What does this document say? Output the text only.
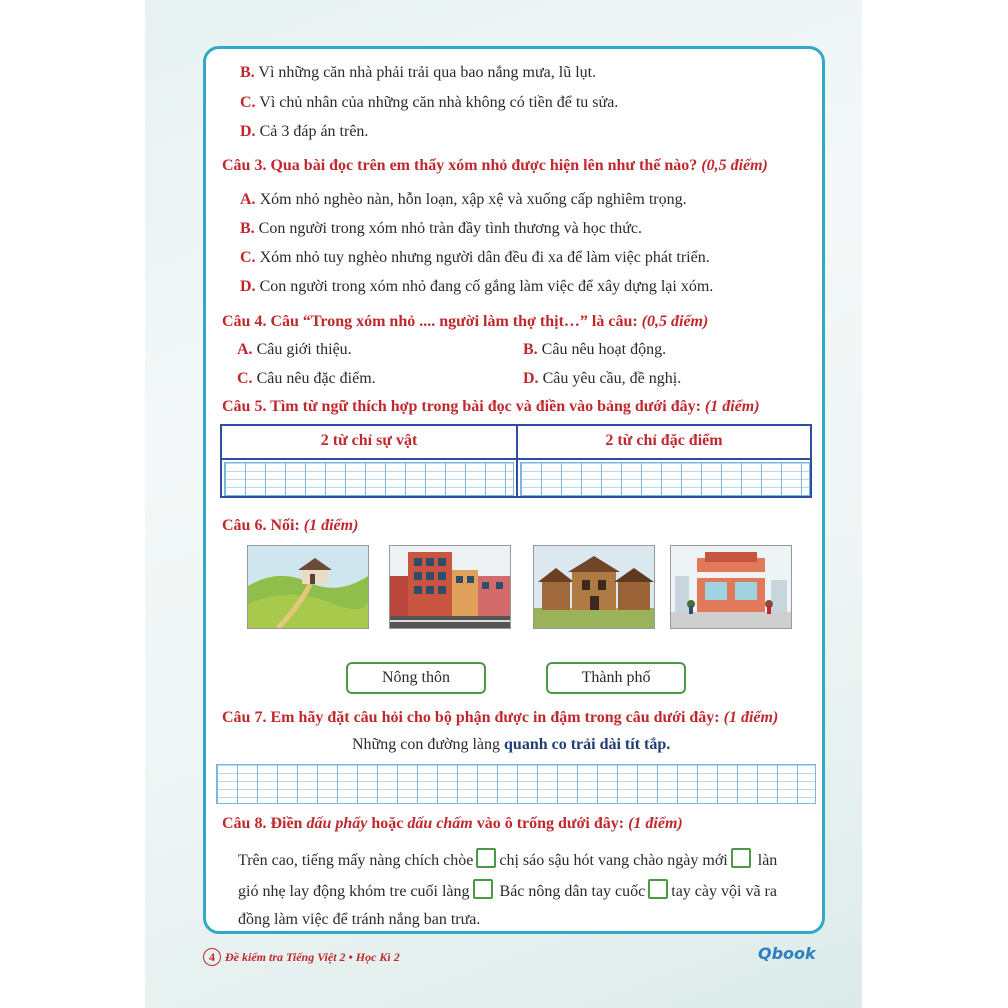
B. Vì những căn nhà phải trải qua bao nắng mưa, lũ lụt.
C. Vì chủ nhân của những căn nhà không có tiền để tu sửa.
D. Cả 3 đáp án trên.
Câu 3. Qua bài đọc trên em thấy xóm nhỏ được hiện lên như thế nào? (0,5 điểm)
A. Xóm nhỏ nghèo nàn, hỗn loạn, xập xệ và xuống cấp nghiêm trọng.
B. Con người trong xóm nhỏ tràn đầy tình thương và học thức.
C. Xóm nhỏ tuy nghèo nhưng người dân đều đi xa để làm việc phát triển.
D. Con người trong xóm nhỏ đang cố gắng làm việc để xây dựng lại xóm.
Câu 4. Câu “Trong xóm nhỏ .... người làm thợ thịt…” là câu: (0,5 điểm)
A. Câu giới thiệu.	B. Câu nêu hoạt động.
C. Câu nêu đặc điểm.	D. Câu yêu cầu, đề nghị.
Câu 5. Tìm từ ngữ thích hợp trong bài đọc và điền vào bảng dưới đây: (1 điểm)
2 từ chỉ sự vật	2 từ chỉ đặc điểm
Câu 6. Nối: (1 điểm)
Nông thôn	Thành phố
Câu 7. Em hãy đặt câu hỏi cho bộ phận được in đậm trong câu dưới đây: (1 điểm)
Những con đường làng quanh co trải dài tít tắp.
Câu 8. Điền dấu phẩy hoặc dấu chấm vào ô trống dưới đây: (1 điểm)
Trên cao, tiếng mấy nàng chích chòe chị sáo sậu hót vang chào ngày mới làn
gió nhẹ lay động khóm tre cuối làng Bác nông dân tay cuốc tay cày vội vã ra
đồng làm việc để tránh nắng ban trưa.
4 Đề kiểm tra Tiếng Việt 2 • Học Kì 2	Qbook
